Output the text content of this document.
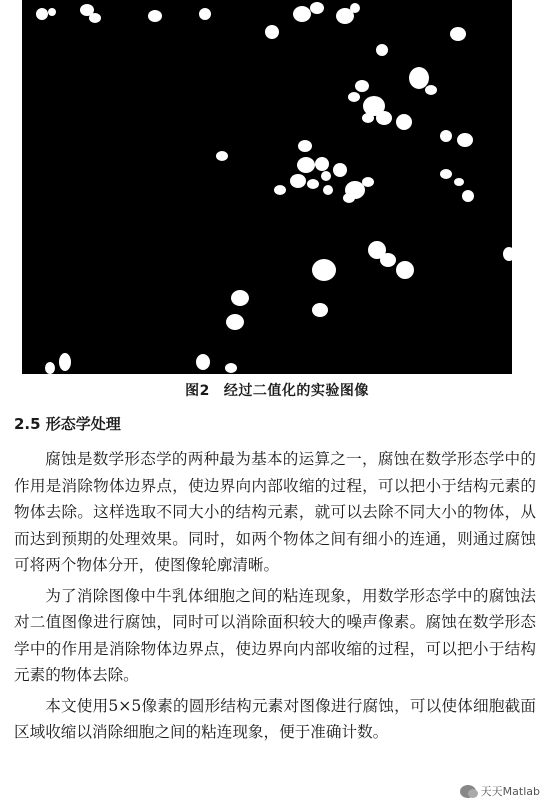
图2 经过二值化的实验图像
2.5 形态学处理

腐蚀是数学形态学的两种最为基本的运算之一，腐蚀在数学形态学中的作用是消除物体边界点，使边界向内部收缩的过程，可以把小于结构元素的物体去除。这样选取不同大小的结构元素，就可以去除不同大小的物体，从而达到预期的处理效果。同时，如两个物体之间有细小的连通，则通过腐蚀可将两个物体分开，使图像轮廓清晰。

为了消除图像中牛乳体细胞之间的粘连现象，用数学形态学中的腐蚀法对二值图像进行腐蚀，同时可以消除面积较大的噪声像素。腐蚀在数学形态学中的作用是消除物体边界点，使边界向内部收缩的过程，可以把小于结构元素的物体去除。

本文使用5×5像素的圆形结构元素对图像进行腐蚀，可以使体细胞截面区域收缩以消除细胞之间的粘连现象，便于准确计数。

天天Matlab
